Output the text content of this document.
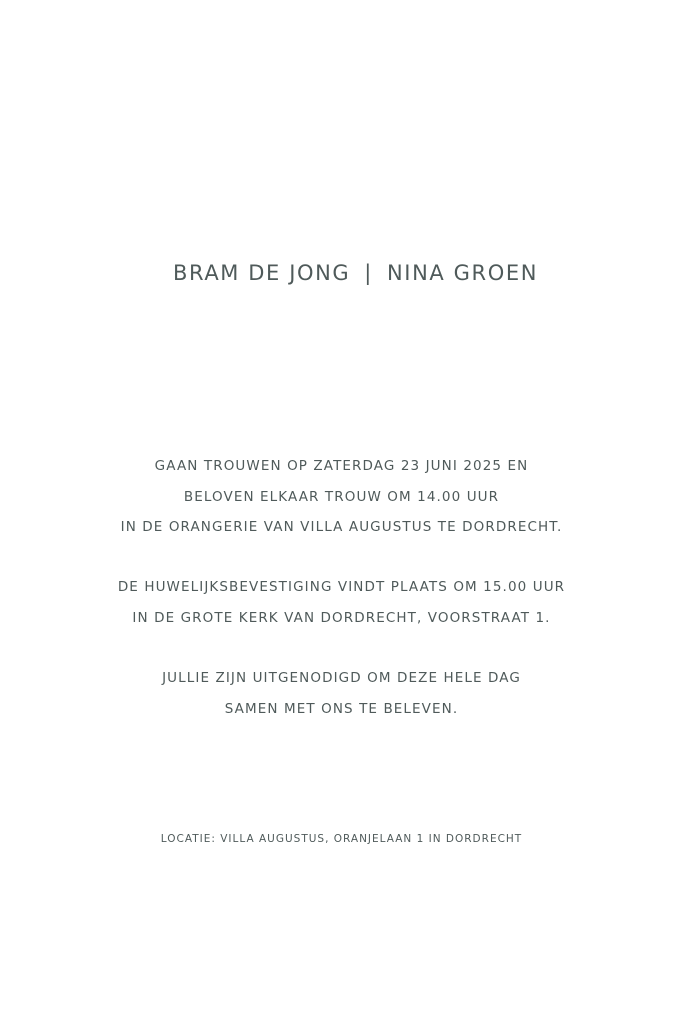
BRAM DE JONG | NINA GROEN

GAAN TROUWEN OP ZATERDAG 23 JUNI 2025 EN

BELOVEN ELKAAR TROUW OM 14.00 UUR

IN DE ORANGERIE VAN VILLA AUGUSTUS TE DORDRECHT.

DE HUWELIJKSBEVESTIGING VINDT PLAATS OM 15.00 UUR

IN DE GROTE KERK VAN DORDRECHT, VOORSTRAAT 1.

JULLIE ZIJN UITGENODIGD OM DEZE HELE DAG

SAMEN MET ONS TE BELEVEN.

LOCATIE: VILLA AUGUSTUS, ORANJELAAN 1 IN DORDRECHT
